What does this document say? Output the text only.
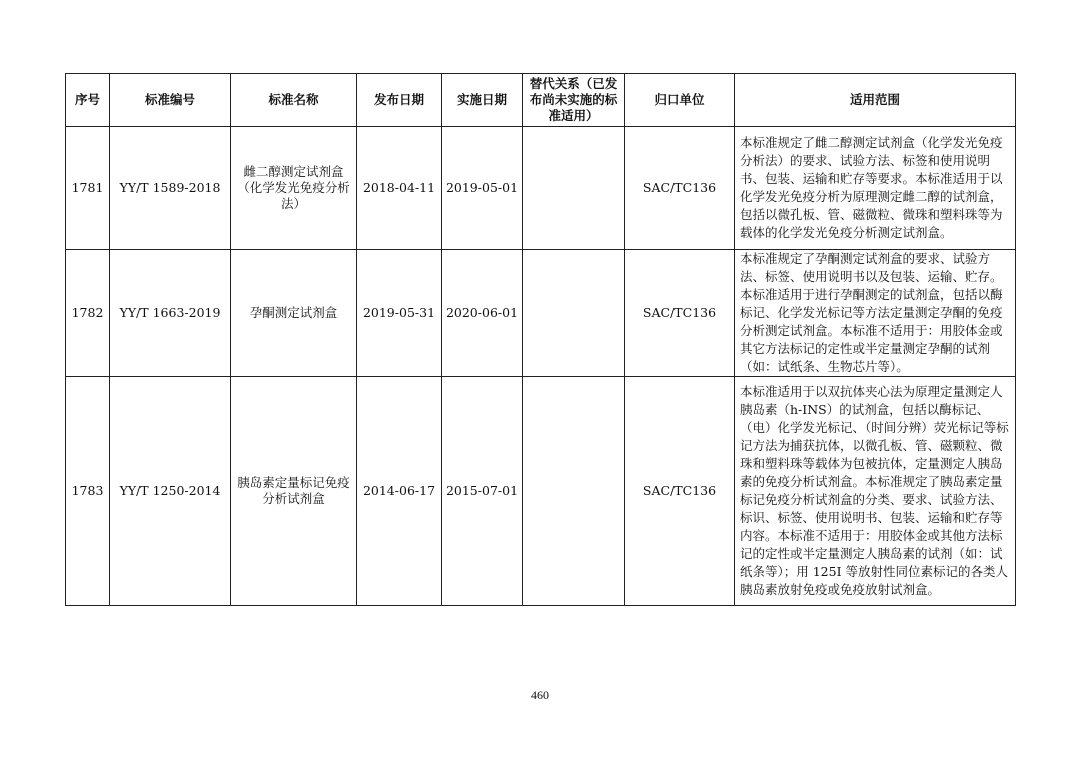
序号	标准编号	标准名称	发布日期	实施日期	替代关系（已发布尚未实施的标准适用）	归口单位	适用范围
1781	YY/T 1589-2018	雌二醇测定试剂盒（化学发光免疫分析法）	2018-04-11	2019-05-01		SAC/TC136	本标准规定了雌二醇测定试剂盒（化学发光免疫分析法）的要求、试验方法、标签和使用说明书、包装、运输和贮存等要求。本标准适用于以化学发光免疫分析为原理测定雌二醇的试剂盒，包括以微孔板、管、磁微粒、微珠和塑料珠等为载体的化学发光免疫分析测定试剂盒。
1782	YY/T 1663-2019	孕酮测定试剂盒	2019-05-31	2020-06-01		SAC/TC136	本标准规定了孕酮测定试剂盒的要求、试验方法、标签、使用说明书以及包装、运输、贮存。本标准适用于进行孕酮测定的试剂盒，包括以酶标记、化学发光标记等方法定量测定孕酮的免疫分析测定试剂盒。本标准不适用于：用胶体金或其它方法标记的定性或半定量测定孕酮的试剂（如：试纸条、生物芯片等）。
1783	YY/T 1250-2014	胰岛素定量标记免疫分析试剂盒	2014-06-17	2015-07-01		SAC/TC136	本标准适用于以双抗体夹心法为原理定量测定人胰岛素（h-INS）的试剂盒，包括以酶标记、（电）化学发光标记、（时间分辨）荧光标记等标记方法为捕获抗体，以微孔板、管、磁颗粒、微珠和塑料珠等载体为包被抗体，定量测定人胰岛素的免疫分析试剂盒。本标准规定了胰岛素定量标记免疫分析试剂盒的分类、要求、试验方法、标识、标签、使用说明书、包装、运输和贮存等内容。本标准不适用于：用胶体金或其他方法标记的定性或半定量测定人胰岛素的试剂（如：试纸条等）；用 125I 等放射性同位素标记的各类人胰岛素放射免疫或免疫放射试剂盒。
460
